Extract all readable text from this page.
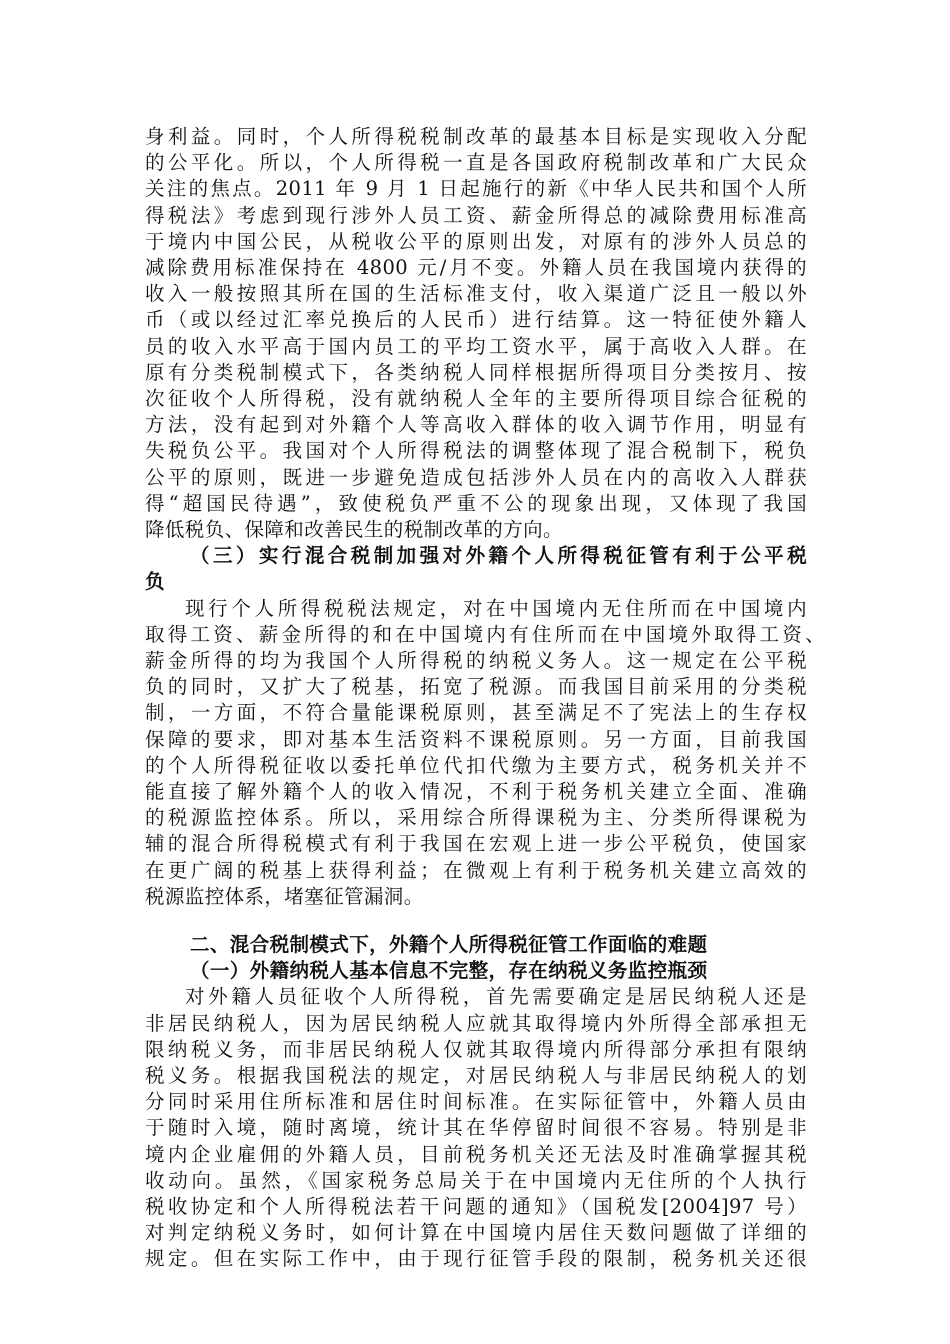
身利益。同时，个人所得税税制改革的最基本目标是实现收入分配
的公平化。所以，个人所得税一直是各国政府税制改革和广大民众
关注的焦点。2011 年 9 月 1 日起施行的新《中华人民共和国个人所
得税法》考虑到现行涉外人员工资、薪金所得总的减除费用标准高
于境内中国公民，从税收公平的原则出发，对原有的涉外人员总的
减除费用标准保持在 4800 元/月不变。外籍人员在我国境内获得的
收入一般按照其所在国的生活标准支付，收入渠道广泛且一般以外
币（或以经过汇率兑换后的人民币）进行结算。这一特征使外籍人
员的收入水平高于国内员工的平均工资水平，属于高收入人群。在
原有分类税制模式下，各类纳税人同样根据所得项目分类按月、按
次征收个人所得税，没有就纳税人全年的主要所得项目综合征税的
方法，没有起到对外籍个人等高收入群体的收入调节作用，明显有
失税负公平。我国对个人所得税法的调整体现了混合税制下，税负
公平的原则，既进一步避免造成包括涉外人员在内的高收入人群获
得“超国民待遇”，致使税负严重不公的现象出现，又体现了我国
降低税负、保障和改善民生的税制改革的方向。
（三）实行混合税制加强对外籍个人所得税征管有利于公平税
负
现行个人所得税税法规定，对在中国境内无住所而在中国境内
取得工资、薪金所得的和在中国境内有住所而在中国境外取得工资、
薪金所得的均为我国个人所得税的纳税义务人。这一规定在公平税
负的同时，又扩大了税基，拓宽了税源。而我国目前采用的分类税
制，一方面，不符合量能课税原则，甚至满足不了宪法上的生存权
保障的要求，即对基本生活资料不课税原则。另一方面，目前我国
的个人所得税征收以委托单位代扣代缴为主要方式，税务机关并不
能直接了解外籍个人的收入情况，不利于税务机关建立全面、准确
的税源监控体系。所以，采用综合所得课税为主、分类所得课税为
辅的混合所得税模式有利于我国在宏观上进一步公平税负，使国家
在更广阔的税基上获得利益；在微观上有利于税务机关建立高效的
税源监控体系，堵塞征管漏洞。
二、混合税制模式下，外籍个人所得税征管工作面临的难题
（一）外籍纳税人基本信息不完整，存在纳税义务监控瓶颈
对外籍人员征收个人所得税，首先需要确定是居民纳税人还是
非居民纳税人，因为居民纳税人应就其取得境内外所得全部承担无
限纳税义务，而非居民纳税人仅就其取得境内所得部分承担有限纳
税义务。根据我国税法的规定，对居民纳税人与非居民纳税人的划
分同时采用住所标准和居住时间标准。在实际征管中，外籍人员由
于随时入境，随时离境，统计其在华停留时间很不容易。特别是非
境内企业雇佣的外籍人员，目前税务机关还无法及时准确掌握其税
收动向。虽然，《国家税务总局关于在中国境内无住所的个人执行
税收协定和个人所得税法若干问题的通知》（国税发[2004]97 号）
对判定纳税义务时，如何计算在中国境内居住天数问题做了详细的
规定。但在实际工作中，由于现行征管手段的限制，税务机关还很
